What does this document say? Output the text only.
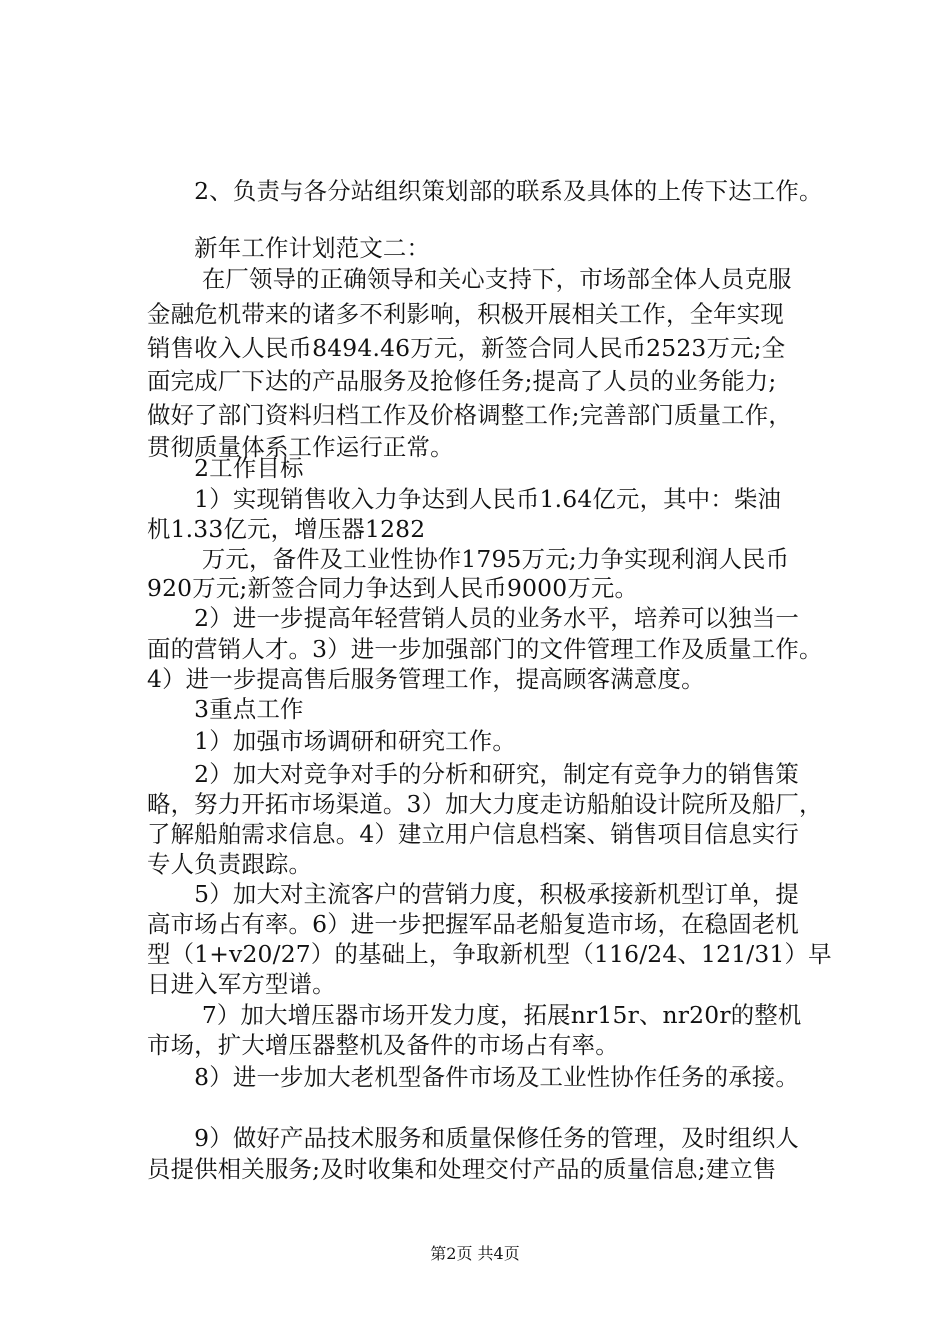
　　2、负责与各分站组织策划部的联系及具体的上传下达工作。
　　新年工作计划范文二：
　　 在厂领导的正确领导和关心支持下，市场部全体人员克服
金融危机带来的诸多不利影响，积极开展相关工作，全年实现
销售收入人民币8494.46万元，新签合同人民币2523万元;全
面完成厂下达的产品服务及抢修任务;提高了人员的业务能力;
做好了部门资料归档工作及价格调整工作;完善部门质量工作，
贯彻质量体系工作运行正常。
　　2工作目标
　　1）实现销售收入力争达到人民币1.64亿元，其中：柴油
机1.33亿元，增压器1282
　　 万元，备件及工业性协作1795万元;力争实现利润人民币
920万元;新签合同力争达到人民币9000万元。
　　2）进一步提高年轻营销人员的业务水平，培养可以独当一
面的营销人才。3）进一步加强部门的文件管理工作及质量工作。
4）进一步提高售后服务管理工作，提高顾客满意度。
　　3重点工作
　　1）加强市场调研和研究工作。
　　2）加大对竞争对手的分析和研究，制定有竞争力的销售策
略，努力开拓市场渠道。3）加大力度走访船舶设计院所及船厂，
了解船舶需求信息。4）建立用户信息档案、销售项目信息实行
专人负责跟踪。
　　5）加大对主流客户的营销力度，积极承接新机型订单，提
高市场占有率。6）进一步把握军品老船复造市场，在稳固老机
型（1+v20/27）的基础上，争取新机型（116/24、121/31）早
日进入军方型谱。
　　 7）加大增压器市场开发力度，拓展nr15r、nr20r的整机
市场，扩大增压器整机及备件的市场占有率。
　　8）进一步加大老机型备件市场及工业性协作任务的承接。
　　9）做好产品技术服务和质量保修任务的管理，及时组织人
员提供相关服务;及时收集和处理交付产品的质量信息;建立售
第2页 共4页
